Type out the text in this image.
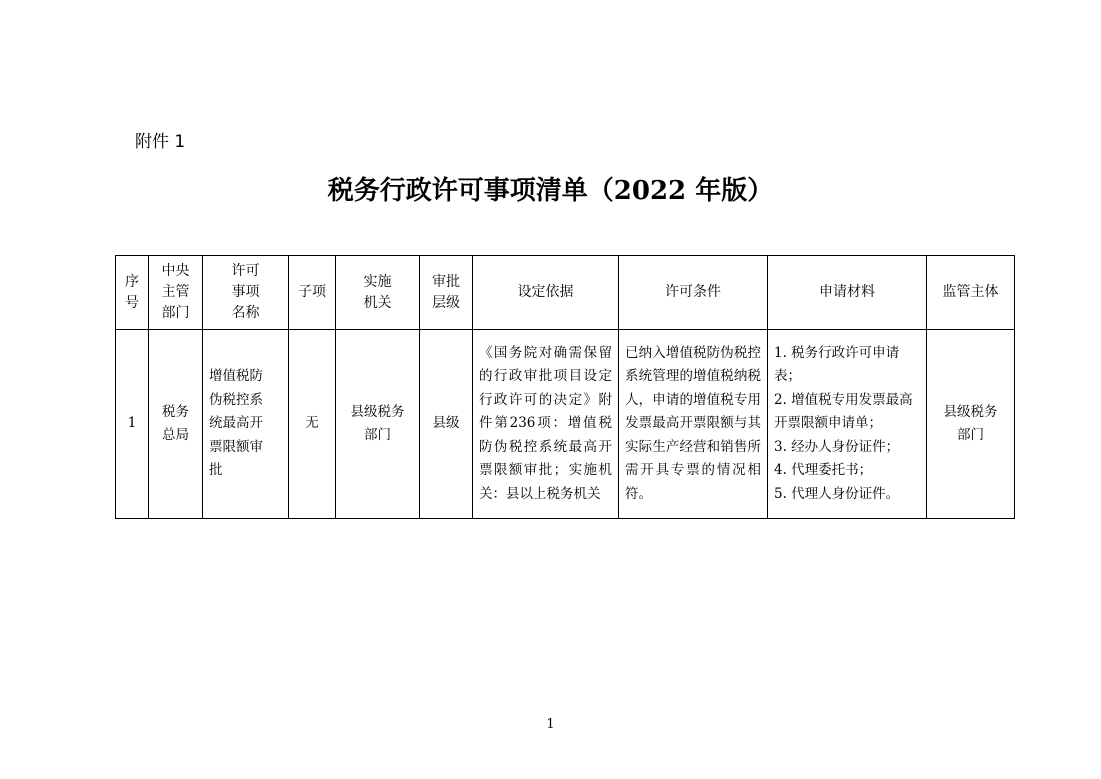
附件 1
税务行政许可事项清单（2022 年版）
序
号	中央
主管
部门	许可
事项
名称	子项	实施
机关	审批
层级	设定依据	许可条件	申请材料	监管主体

1	税务
总局	增值税防
伪税控系
统最高开
票限额审
批	无	县级税务
部门	县级	《国务院对确需保留的行政审批项目设定行政许可的决定》附件第236项：增值税防伪税控系统最高开票限额审批；实施机关：县以上税务机关	已纳入增值税防伪税控系统管理的增值税纳税人，申请的增值税专用发票最高开票限额与其实际生产经营和销售所需开具专票的情况相符。	1. 税务行政许可申请表；
2. 增值税专用发票最高开票限额申请单；
3. 经办人身份证件；
4. 代理委托书；
5. 代理人身份证件。	县级税务
部门
1
